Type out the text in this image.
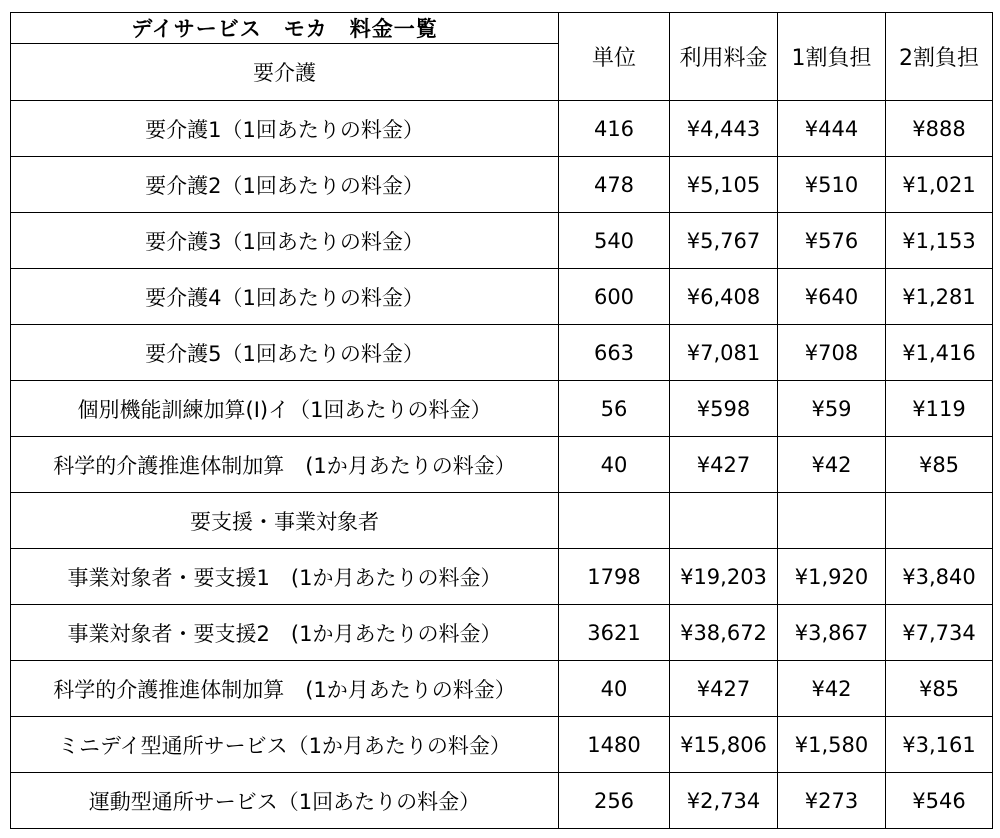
デイサービス　モカ　料金一覧	単位	利用料金	1割負担	2割負担
要介護				
要介護1（1回あたりの料金）	416	¥4,443	¥444	¥888
要介護2（1回あたりの料金）	478	¥5,105	¥510	¥1,021
要介護3（1回あたりの料金）	540	¥5,767	¥576	¥1,153
要介護4（1回あたりの料金）	600	¥6,408	¥640	¥1,281
要介護5（1回あたりの料金）	663	¥7,081	¥708	¥1,416
個別機能訓練加算(Ⅰ)イ（1回あたりの料金）	56	¥598	¥59	¥119
科学的介護推進体制加算　(1か月あたりの料金）	40	¥427	¥42	¥85
要支援・事業対象者				
事業対象者・要支援1　(1か月あたりの料金）	1798	¥19,203	¥1,920	¥3,840
事業対象者・要支援2　(1か月あたりの料金）	3621	¥38,672	¥3,867	¥7,734
科学的介護推進体制加算　(1か月あたりの料金）	40	¥427	¥42	¥85
ミニデイ型通所サービス（1か月あたりの料金）	1480	¥15,806	¥1,580	¥3,161
運動型通所サービス（1回あたりの料金）	256	¥2,734	¥273	¥546
